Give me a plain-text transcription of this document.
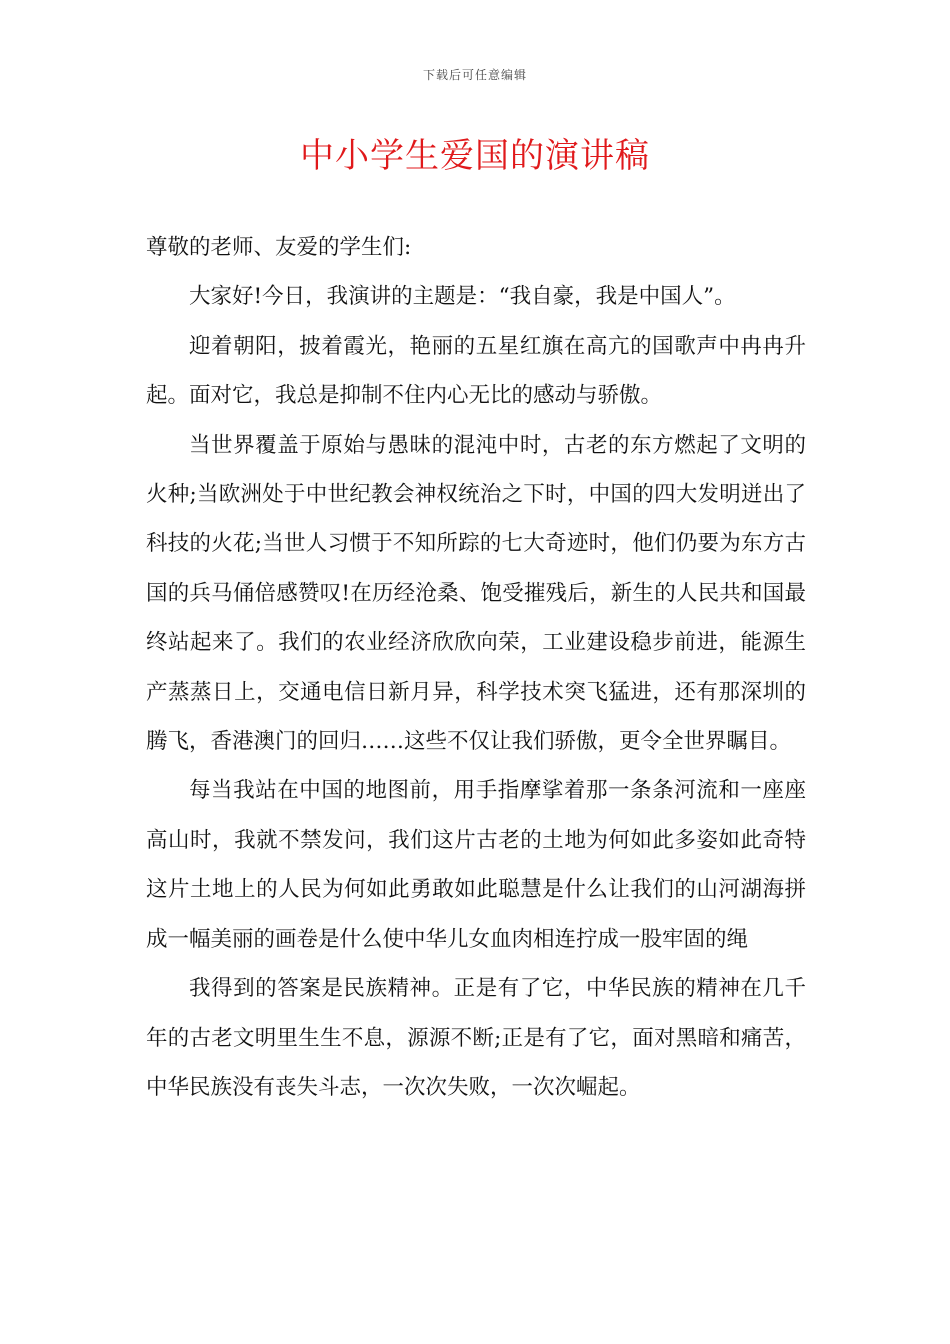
下载后可任意编辑
中小学生爱国的演讲稿

尊敬的老师、友爱的学生们:

大家好!今日，我演讲的主题是：“我自豪，我是中国人”。

迎着朝阳，披着霞光，艳丽的五星红旗在高亢的国歌声中冉冉升起。面对它，我总是抑制不住内心无比的感动与骄傲。

当世界覆盖于原始与愚昧的混沌中时，古老的东方燃起了文明的火种;当欧洲处于中世纪教会神权统治之下时，中国的四大发明迸出了科技的火花;当世人习惯于不知所踪的七大奇迹时，他们仍要为东方古国的兵马俑倍感赞叹!在历经沧桑、饱受摧残后，新生的人民共和国最终站起来了。我们的农业经济欣欣向荣，工业建设稳步前进，能源生产蒸蒸日上，交通电信日新月异，科学技术突飞猛进，还有那深圳的腾飞，香港澳门的回归……这些不仅让我们骄傲，更令全世界瞩目。

每当我站在中国的地图前，用手指摩挲着那一条条河流和一座座高山时，我就不禁发问，我们这片古老的土地为何如此多姿如此奇特这片土地上的人民为何如此勇敢如此聪慧是什么让我们的山河湖海拼成一幅美丽的画卷是什么使中华儿女血肉相连拧成一股牢固的绳

我得到的答案是民族精神。正是有了它，中华民族的精神在几千年的古老文明里生生不息，源源不断;正是有了它，面对黑暗和痛苦，中华民族没有丧失斗志，一次次失败，一次次崛起。
